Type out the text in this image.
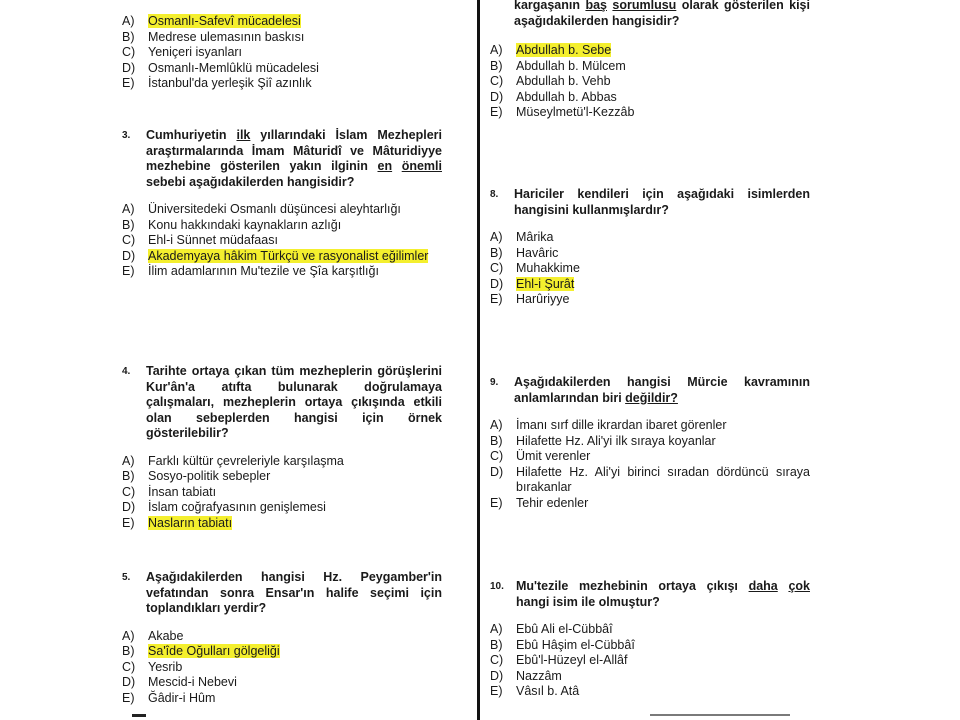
A)	Osmanlı-Safevî mücadelesi
B)	Medrese ulemasının baskısı
C)	Yeniçeri isyanları
D)	Osmanlı-Memlûklü mücadelesi
E)	İstanbul'da yerleşik Şiî azınlık
3.	Cumhuriyetin ilk yıllarındaki İslam Mezhepleri araştırmalarında İmam Mâturidî ve Mâturidiyye mezhebine gösterilen yakın ilginin en önemli sebebi aşağıdakilerden hangisidir?
A)	Üniversitedeki Osmanlı düşüncesi aleyhtarlığı
B)	Konu hakkındaki kaynakların azlığı
C)	Ehl-i Sünnet müdafaası
D)	Akademyaya hâkim Türkçü ve rasyonalist eğilimler
E)	İlim adamlarının Mu'tezile ve Şîa karşıtlığı
4.	Tarihte ortaya çıkan tüm mezheplerin görüşlerini Kur'ân'a atıfta bulunarak doğrulamaya çalışmaları, mezheplerin ortaya çıkışında etkili olan sebeplerden hangisi için örnek gösterilebilir?
A)	Farklı kültür çevreleriyle karşılaşma
B)	Sosyo-politik sebepler
C)	İnsan tabiatı
D)	İslam coğrafyasının genişlemesi
E)	Nasların tabiatı
5.	Aşağıdakilerden hangisi Hz. Peygamber'in vefatından sonra Ensar'ın halife seçimi için toplandıkları yerdir?
A)	Akabe
B)	Sa'îde Oğulları gölgeliği
C)	Yesrib
D)	Mescid-i Nebevi
E)	Ğâdir-i Hûm
kargaşanın baş sorumlusu olarak gösterilen kişi aşağıdakilerden hangisidir?
A)	Abdullah b. Sebe
B)	Abdullah b. Mülcem
C)	Abdullah b. Vehb
D)	Abdullah b. Abbas
E)	Müseylmetü'l-Kezzâb
8.	Hariciler kendileri için aşağıdaki isimlerden hangisini kullanmışlardır?
A)	Mârika
B)	Havâric
C)	Muhakkime
D)	Ehl-i Şurât
E)	Harûriyye
9.	Aşağıdakilerden hangisi Mürcie kavramının anlamlarından biri değildir?
A)	İmanı sırf dille ikrardan ibaret görenler
B)	Hilafette Hz. Ali'yi ilk sıraya koyanlar
C)	Ümit verenler
D)	Hilafette Hz. Ali'yi birinci sıradan dördüncü sıraya bırakanlar
E)	Tehir edenler
10. Mu'tezile mezhebinin ortaya çıkışı daha çok hangi isim ile olmuştur?
A)	Ebû Ali el-Cübbâî
B)	Ebû Hâşim el-Cübbâî
C)	Ebû'l-Hüzeyl el-Allâf
D)	Nazzâm
E)	Vâsıl b. Atâ
